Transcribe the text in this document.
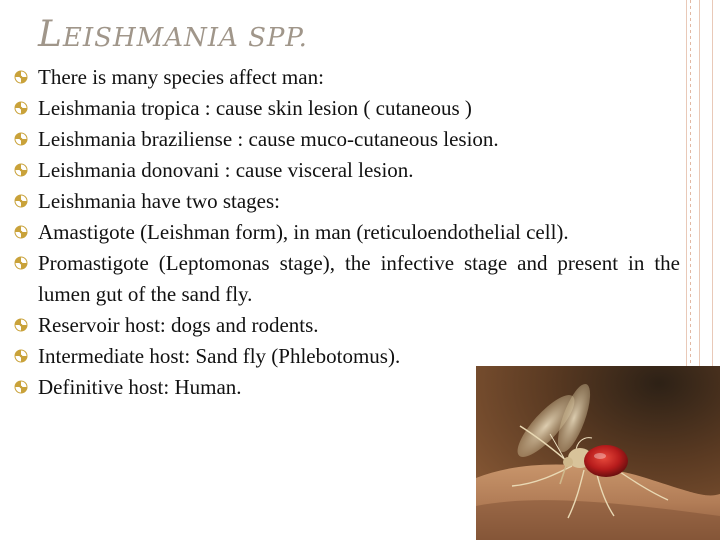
LEISHMANIA SPP.
There is many species affect man:
Leishmania tropica : cause skin lesion ( cutaneous )
Leishmania braziliense : cause muco-cutaneous lesion.
Leishmania donovani : cause visceral lesion.
Leishmania have two stages:
Amastigote (Leishman form), in man (reticuloendothelial cell).
Promastigote (Leptomonas stage), the infective stage and present in the lumen gut of the sand fly.
Reservoir host: dogs and rodents.
Intermediate host: Sand fly (Phlebotomus).
Definitive host: Human.
